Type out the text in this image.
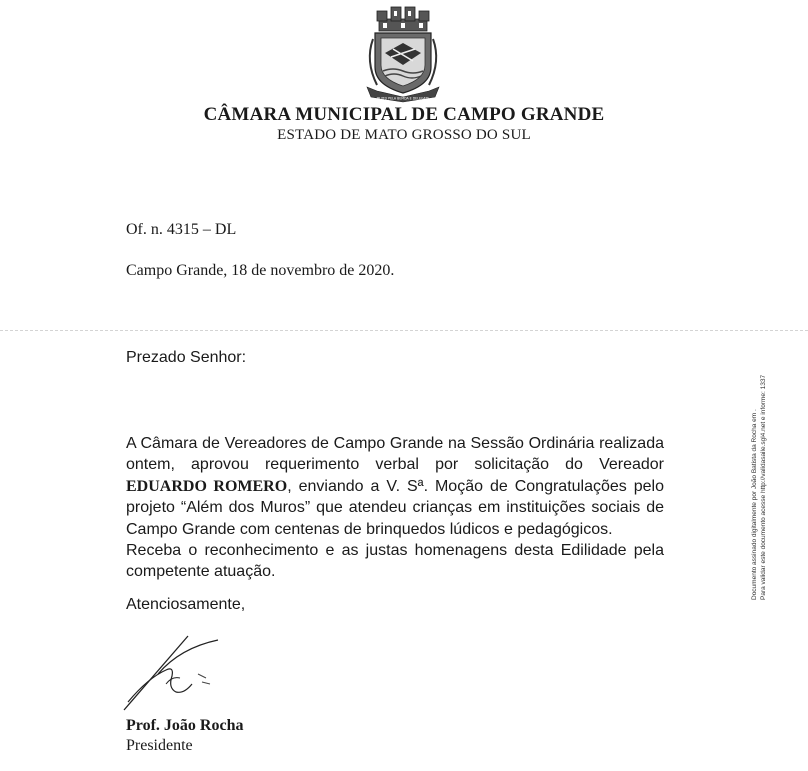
MUITO PELA BEMDA E DELEGATE
CÂMARA MUNICIPAL DE CAMPO GRANDE
ESTADO DE MATO GROSSO DO SUL
Of. n. 4315 – DL
Campo Grande, 18 de novembro de 2020.
Prezado Senhor:

A Câmara de Vereadores de Campo Grande na Sessão Ordinária realizada ontem, aprovou requerimento verbal por solicitação do Vereador EDUARDO ROMERO, enviando a V. Sª. Moção de Congratulações pelo projeto “Além dos Muros” que atendeu crianças em instituições sociais de Campo Grande com centenas de brinquedos lúdicos e pedagógicos.

Receba o reconhecimento e as justas homenagens desta Edilidade pela competente atuação.

Atenciosamente,
Prof. João Rocha
Presidente
Documento assinado digitalmente por João Batista da Rocha em . Para validar este documento acesse http://validasaile.sgl4.net e informe: 1337
